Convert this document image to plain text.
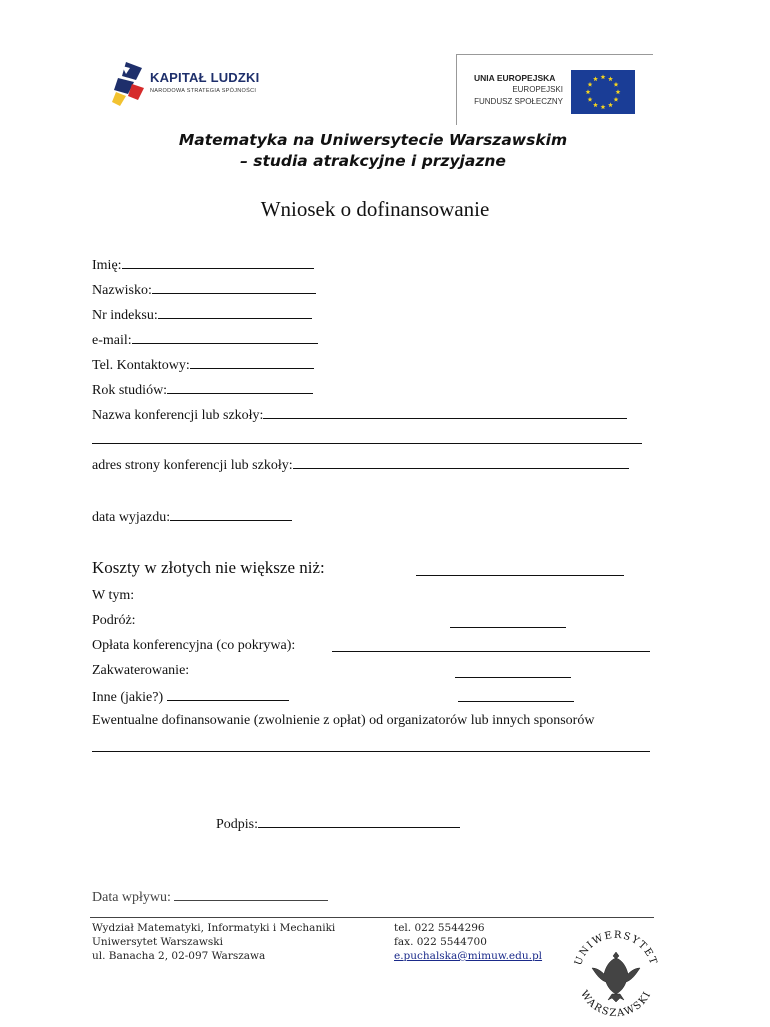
KAPITAŁ LUDZKI
NARODOWA STRATEGIA SPÓJNOŚCI
UNIA EUROPEJSKA
EUROPEJSKI
FUNDUSZ SPOŁECZNY
Matematyka na Uniwersytecie Warszawskim
– studia atrakcyjne i przyjazne
Wniosek o dofinansowanie
Imię:
Nazwisko:
Nr indeksu:
e-mail:
Tel. Kontaktowy:
Rok studiów:
Nazwa konferencji lub szkoły:
adres strony konferencji lub szkoły:
data wyjazdu:
Koszty w złotych nie większe niż:
W tym:
Podróż:
Opłata konferencyjna (co pokrywa):
Zakwaterowanie:
Inne (jakie?)
Ewentualne dofinansowanie (zwolnienie z opłat) od organizatorów lub innych sponsorów
Podpis:
Data wpływu:
Wydział Matematyki, Informatyki i Mechaniki
Uniwersytet Warszawski
ul. Banacha 2, 02-097 Warszawa
tel. 022 5544296
fax. 022 5544700
e.puchalska@mimuw.edu.pl	UNIWERSYTET
WARSZAWSKI
